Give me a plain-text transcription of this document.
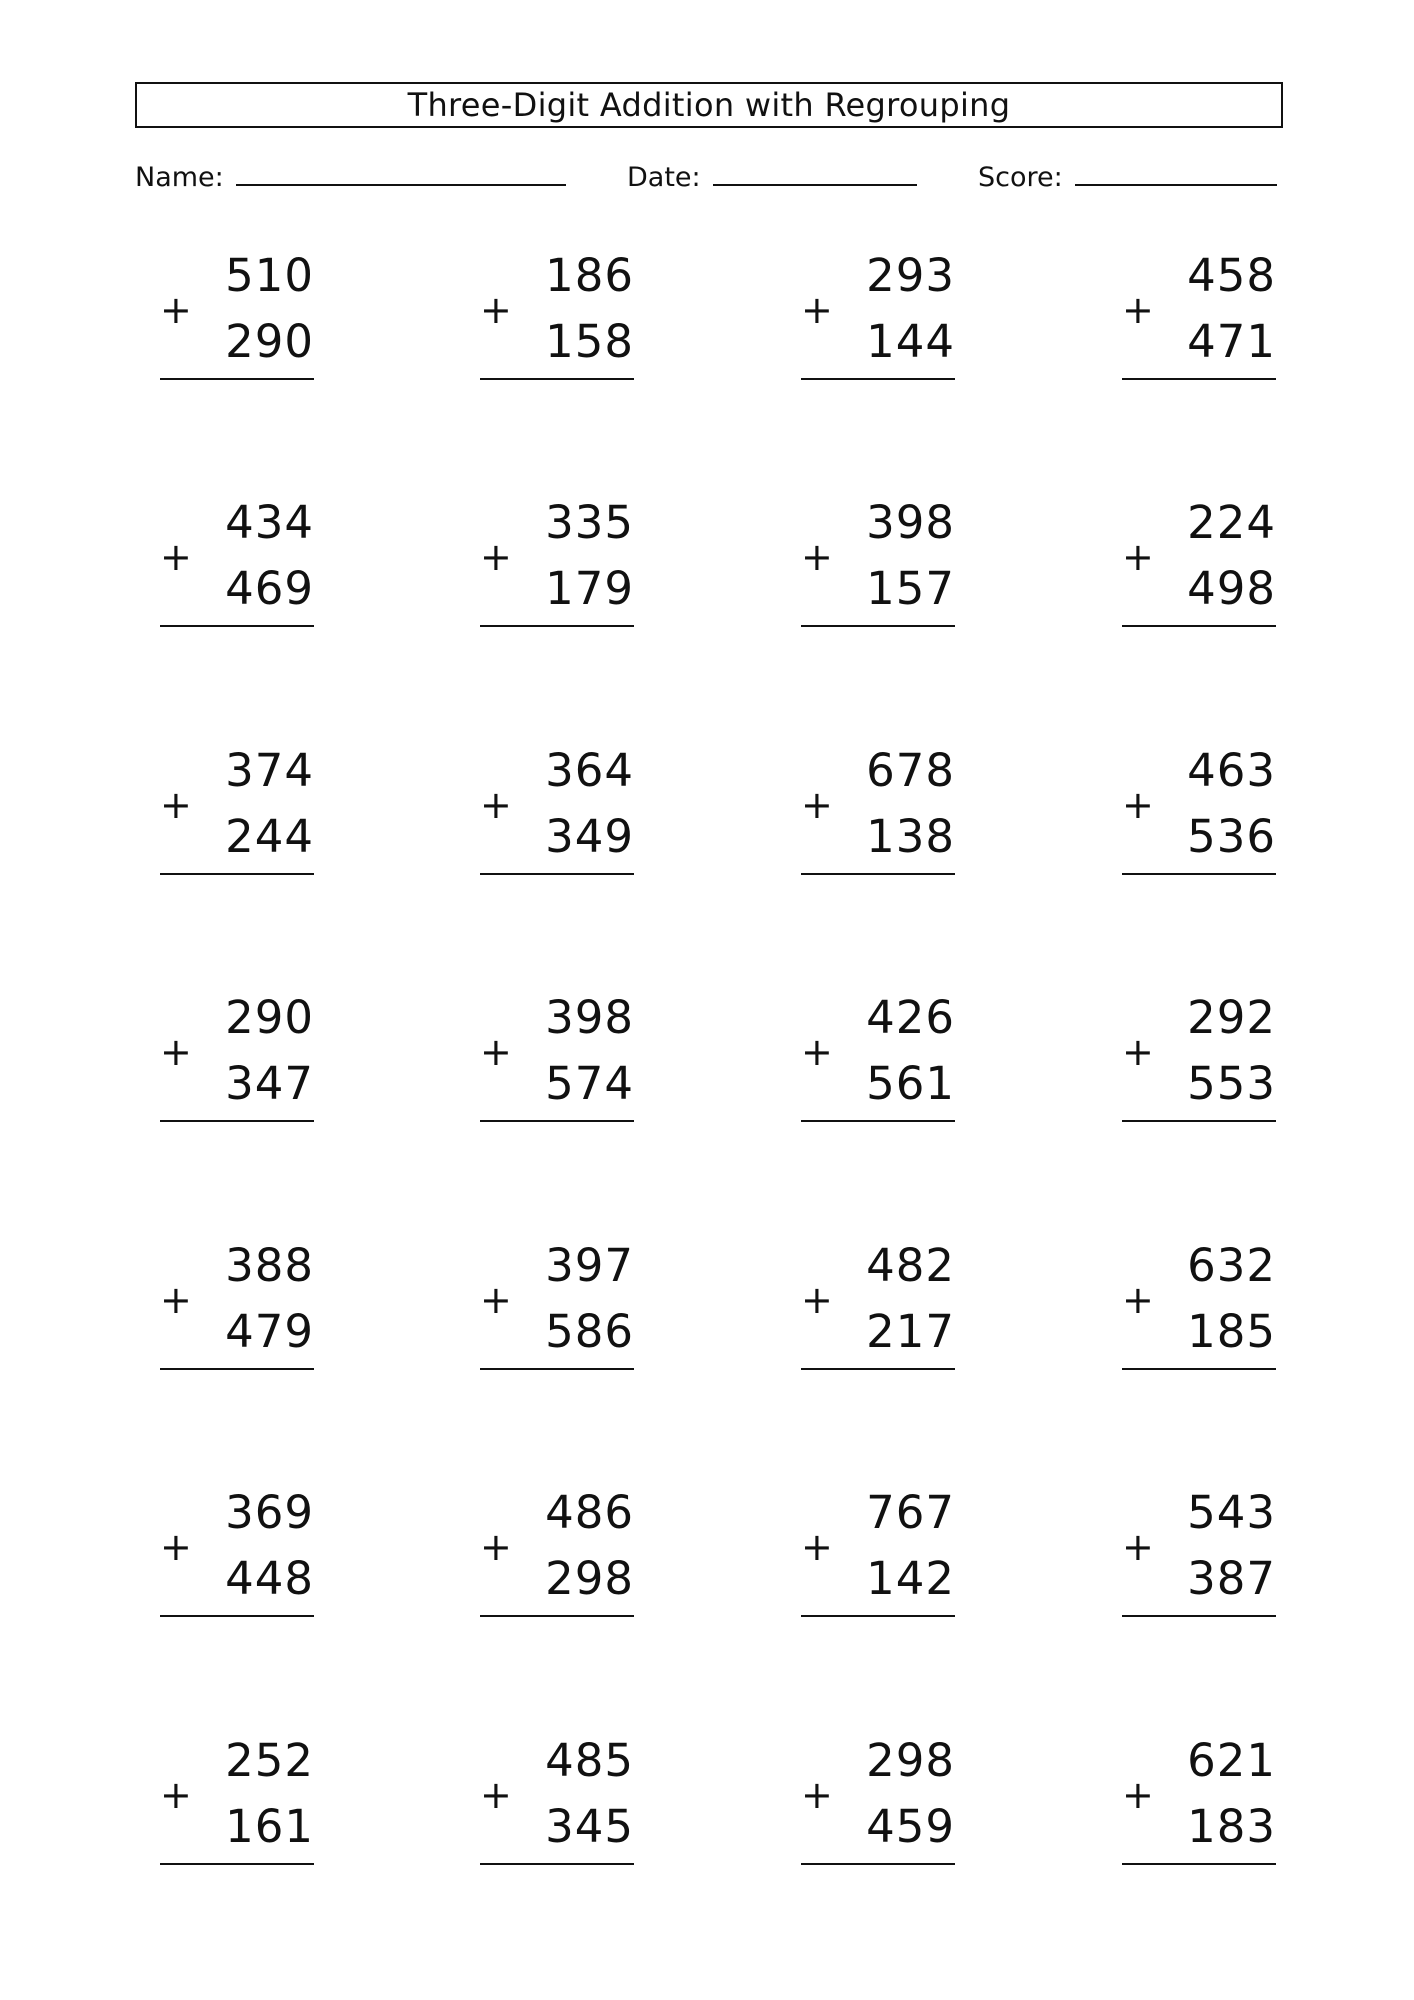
Three-Digit Addition with Regrouping
Name:	Date:	Score:
510
+
290
186
+
158
293
+
144
458
+
471
434
+
469
335
+
179
398
+
157
224
+
498
374
+
244
364
+
349
678
+
138
463
+
536
290
+
347
398
+
574
426
+
561
292
+
553
388
+
479
397
+
586
482
+
217
632
+
185
369
+
448
486
+
298
767
+
142
543
+
387
252
+
161
485
+
345
298
+
459
621
+
183
